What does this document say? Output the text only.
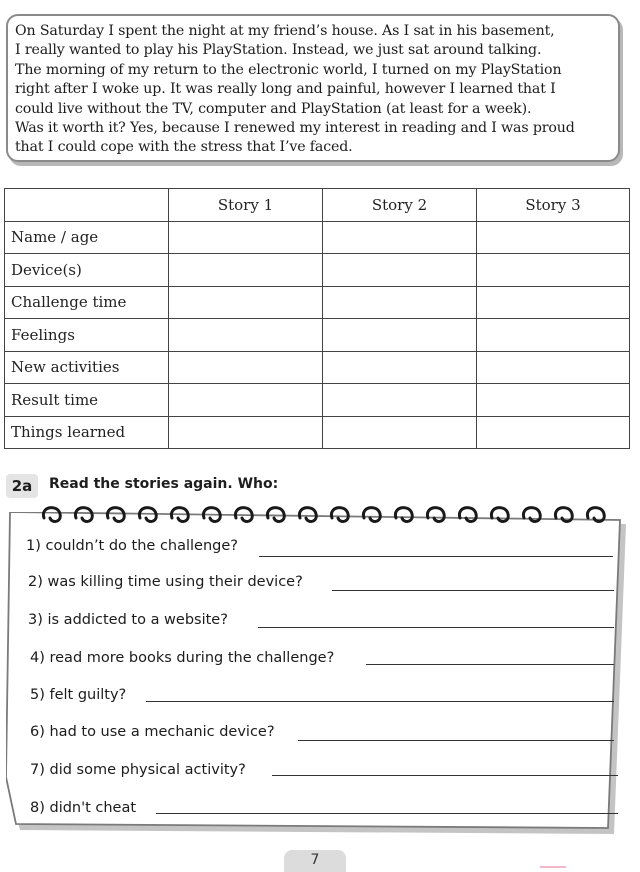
On Saturday I spent the night at my friend’s house. As I sat in his basement,
I really wanted to play his PlayStation. Instead, we just sat around talking.
The morning of my return to the electronic world, I turned on my PlayStation
right after I woke up. It was really long and painful, however I learned that I
could live without the TV, computer and PlayStation (at least for a week).
Was it worth it? Yes, because I renewed my interest in reading and I was proud
that I could cope with the stress that I’ve faced.
	Story 1	Story 2	Story 3
Name / age			
Device(s)			
Challenge time			
Feelings			
New activities			
Result time			
Things learned			
2a	Read the stories again. Who:
1) couldn’t do the challenge?
2) was killing time using their device?
3) is addicted to a website?
4) read more books during the challenge?
5) felt guilty?
6) had to use a mechanic device?
7) did some physical activity?
8) didn't cheat
7
